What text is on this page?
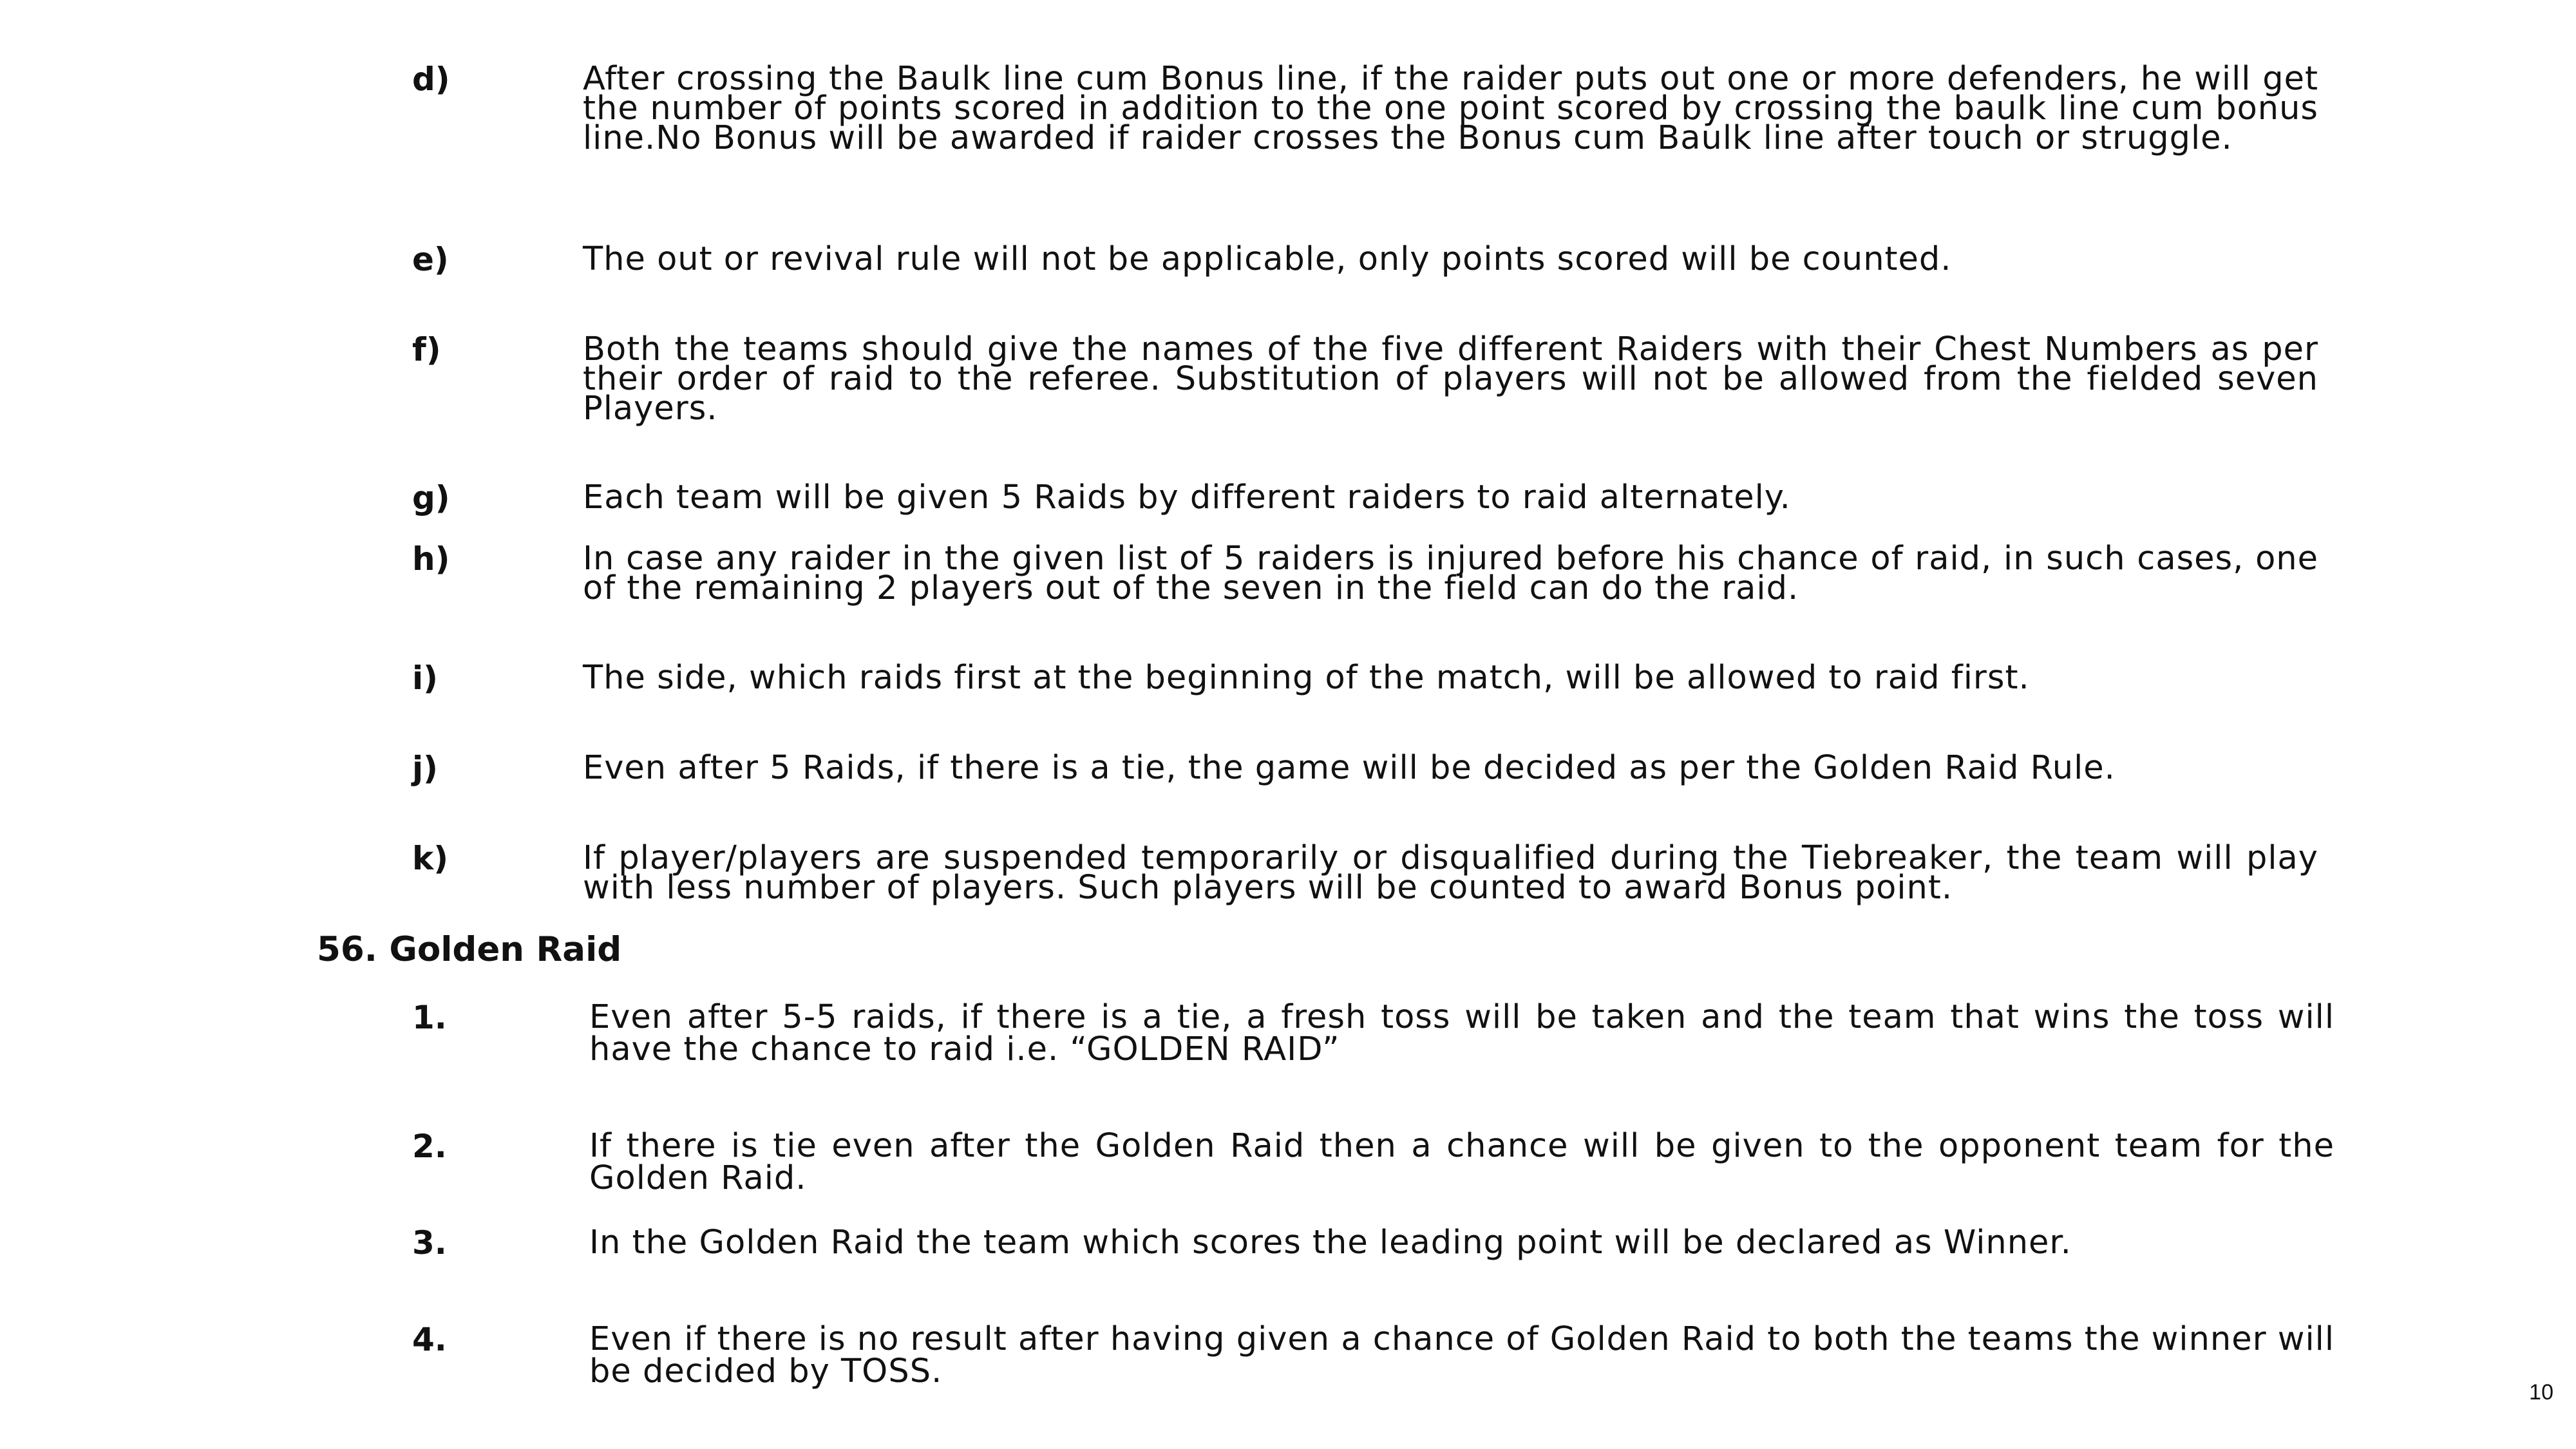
d)	After crossing the Baulk line cum Bonus line, if the raider puts out one or more defenders, he will get the number of points scored in addition to the one point scored by crossing the baulk line cum bonus line.No Bonus will be awarded if raider crosses the Bonus cum Baulk line after touch or struggle.
e)	The out or revival rule will not be applicable, only points scored will be counted.
f)	Both the teams should give the names of the five different Raiders with their Chest Numbers as per their order of raid to the referee. Substitution of players will not be allowed from the fielded seven Players.
g)	Each team will be given 5 Raids by different raiders to raid alternately.
h)	In case any raider in the given list of 5 raiders is injured before his chance of raid, in such cases, one of the remaining 2 players out of the seven in the field can do the raid.
i)	The side, which raids first at the beginning of the match, will be allowed to raid first.
j)	Even after 5 Raids, if there is a tie, the game will be decided as per the Golden Raid Rule.
k)	If player/players are suspended temporarily or disqualified during the Tiebreaker, the team will play with less number of players. Such players will be counted to award Bonus point.
56. Golden Raid
1.	Even after 5-5 raids, if there is a tie, a fresh toss will be taken and the team that wins the toss will have the chance to raid i.e. “GOLDEN RAID”
2.	If there is tie even after the Golden Raid then a chance will be given to the opponent team for the Golden Raid.
3.	In the Golden Raid the team which scores the leading point will be declared as Winner.
4.	Even if there is no result after having given a chance of Golden Raid to both the teams the winner will be decided by TOSS.
10
